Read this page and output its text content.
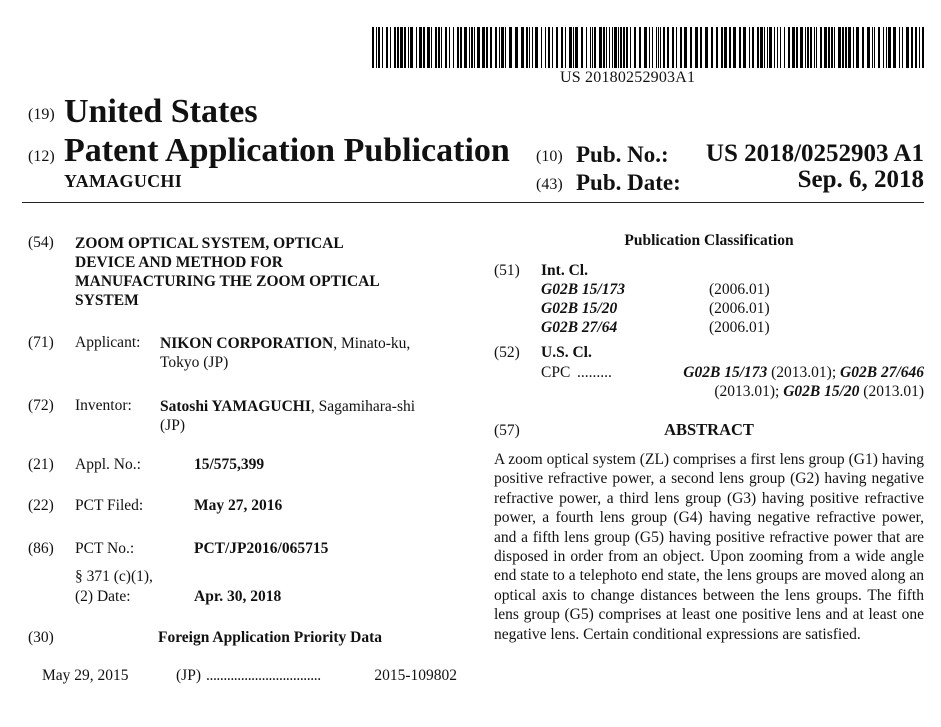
US 20180252903A1
(19) United States
(12) Patent Application Publication
YAMAGUCHI
(10) Pub. No.: US 2018/0252903 A1
(43) Pub. Date:	Sep. 6, 2018
(54) ZOOM OPTICAL SYSTEM, OPTICAL
DEVICE AND METHOD FOR
MANUFACTURING THE ZOOM OPTICAL
SYSTEM
(71) Applicant: NIKON CORPORATION, Minato-ku,
Tokyo (JP)
(72) Inventor: Satoshi YAMAGUCHI, Sagamihara-shi
(JP)
(21) Appl. No.:	15/575,399
(22) PCT Filed:	May 27, 2016
(86) PCT No.:	PCT/JP2016/065715
§ 371 (c)(1),
(2) Date:	Apr. 30, 2018
(30)	Foreign Application Priority Data
May 29, 2015	(JP) .................................	2015-109802
Publication Classification
(51) Int. Cl.
G02B 15/173	(2006.01)
G02B 15/20	(2006.01)
G02B 27/64	(2006.01)
(52) U.S. Cl.
CPC .........	G02B 15/173 (2013.01); G02B 27/646
(2013.01); G02B 15/20 (2013.01)
(57)	ABSTRACT
A zoom optical system (ZL) comprises a first lens group (G1) having positive refractive power, a second lens group (G2) having negative refractive power, a third lens group (G3) having positive refractive power, a fourth lens group (G4) having negative refractive power, and a fifth lens group (G5) having positive refractive power that are disposed in order from an object. Upon zooming from a wide angle end state to a telephoto end state, the lens groups are moved along an optical axis to change distances between the lens groups. The fifth lens group (G5) comprises at least one positive lens and at least one negative lens. Certain conditional expressions are satisfied.
